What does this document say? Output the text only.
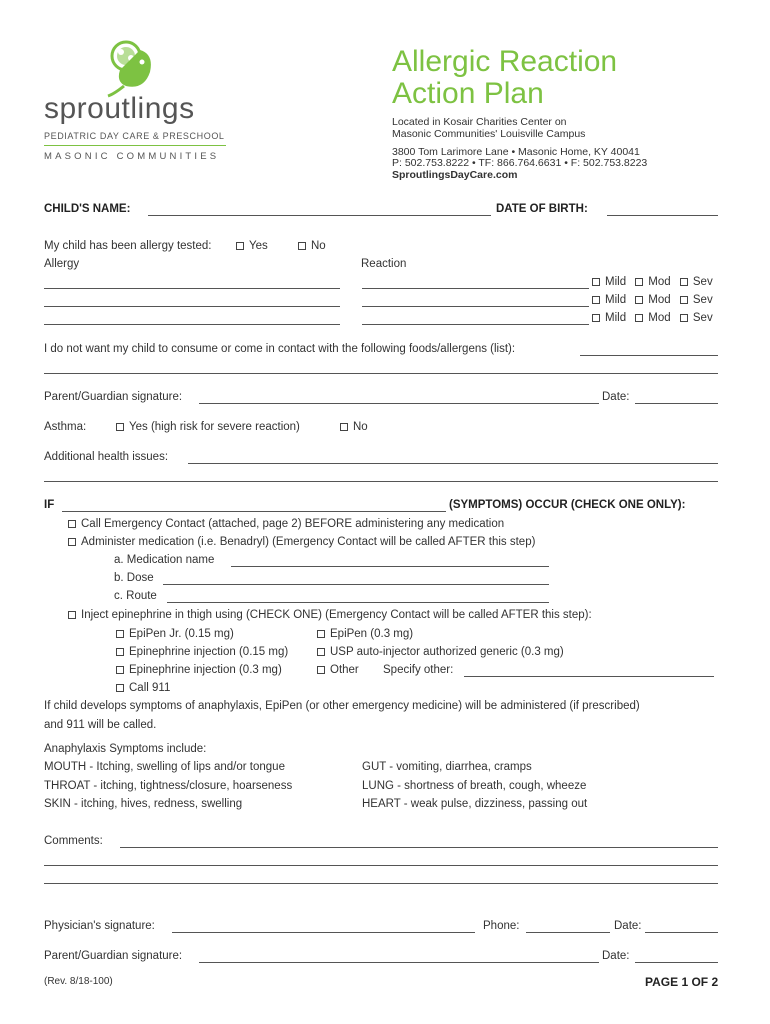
sproutlings
PEDIATRIC DAY CARE & PRESCHOOL
MASONIC COMMUNITIES
Allergic Reaction
Action Plan
Located in Kosair Charities Center on
Masonic Communities' Louisville Campus
3800 Tom Larimore Lane • Masonic Home, KY 40041
P: 502.753.8222 • TF: 866.764.6631 • F: 502.753.8223
SproutlingsDayCare.com
CHILD'S NAME:	DATE OF BIRTH:
My child has been allergy tested:	Yes	No
Allergy	Reaction
Mild Mod Sev
Mild Mod Sev
Mild Mod Sev
I do not want my child to consume or come in contact with the following foods/allergens (list):
Parent/Guardian signature:	Date:
Asthma:	Yes (high risk for severe reaction)	No
Additional health issues:
IF	(SYMPTOMS) OCCUR (CHECK ONE ONLY):
Call Emergency Contact (attached, page 2) BEFORE administering any medication
Administer medication (i.e. Benadryl) (Emergency Contact will be called AFTER this step)
a. Medication name
b. Dose
c. Route
Inject epinephrine in thigh using (CHECK ONE) (Emergency Contact will be called AFTER this step):
EpiPen Jr. (0.15 mg)	EpiPen (0.3 mg)
Epinephrine injection (0.15 mg)	USP auto-injector authorized generic (0.3 mg)
Epinephrine injection (0.3 mg)	Other Specify other:
Call 911
If child develops symptoms of anaphylaxis, EpiPen (or other emergency medicine) will be administered (if prescribed)
and 911 will be called.
Anaphylaxis Symptoms include:
MOUTH - Itching, swelling of lips and/or tongue
THROAT - itching, tightness/closure, hoarseness
SKIN - itching, hives, redness, swelling
GUT - vomiting, diarrhea, cramps
LUNG - shortness of breath, cough, wheeze
HEART - weak pulse, dizziness, passing out
Comments:
Physician's signature:	Phone:	Date:
Parent/Guardian signature:	Date:
(Rev. 8/18-100)	PAGE 1 OF 2
